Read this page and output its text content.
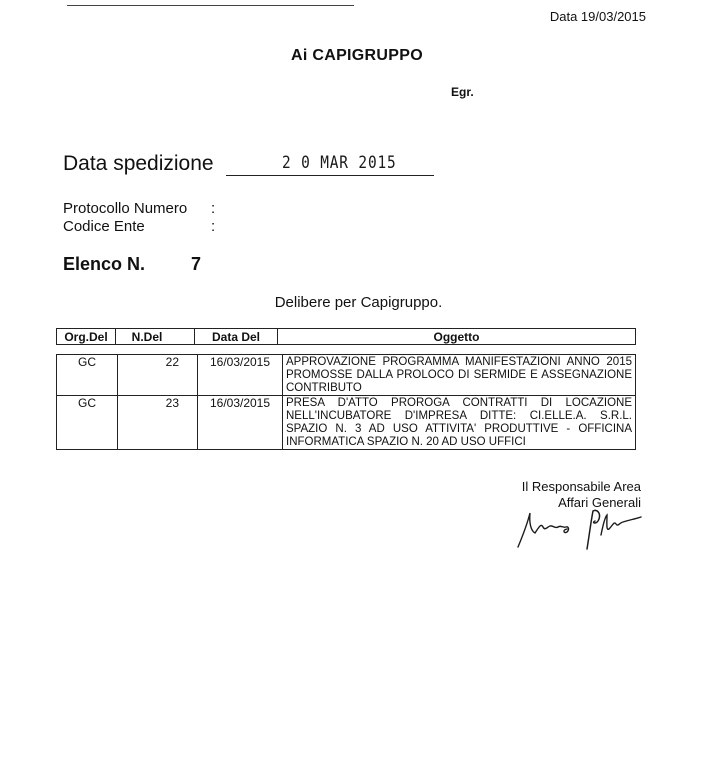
Data 19/03/2015
Ai CAPIGRUPPO
Egr.
Data spedizione	2 0 MAR 2015
Protocollo Numero	:
Codice Ente	:
Elenco N.	7
Delibere per Capigruppo.
Org.Del	N.Del	Data Del	Oggetto
GC	22	16/03/2015	APPROVAZIONE PROGRAMMA MANIFESTAZIONI ANNO 2015 PROMOSSE DALLA PROLOCO DI SERMIDE E ASSEGNAZIONE CONTRIBUTO
GC	23	16/03/2015	PRESA D'ATTO PROROGA CONTRATTI DI LOCAZIONE NELL'INCUBATORE D'IMPRESA DITTE: CI.ELLE.A. S.R.L. SPAZIO N. 3 AD USO ATTIVITA' PRODUTTIVE - OFFICINA INFORMATICA SPAZIO N. 20 AD USO UFFICI
Il Responsabile Area
Affari Generali
